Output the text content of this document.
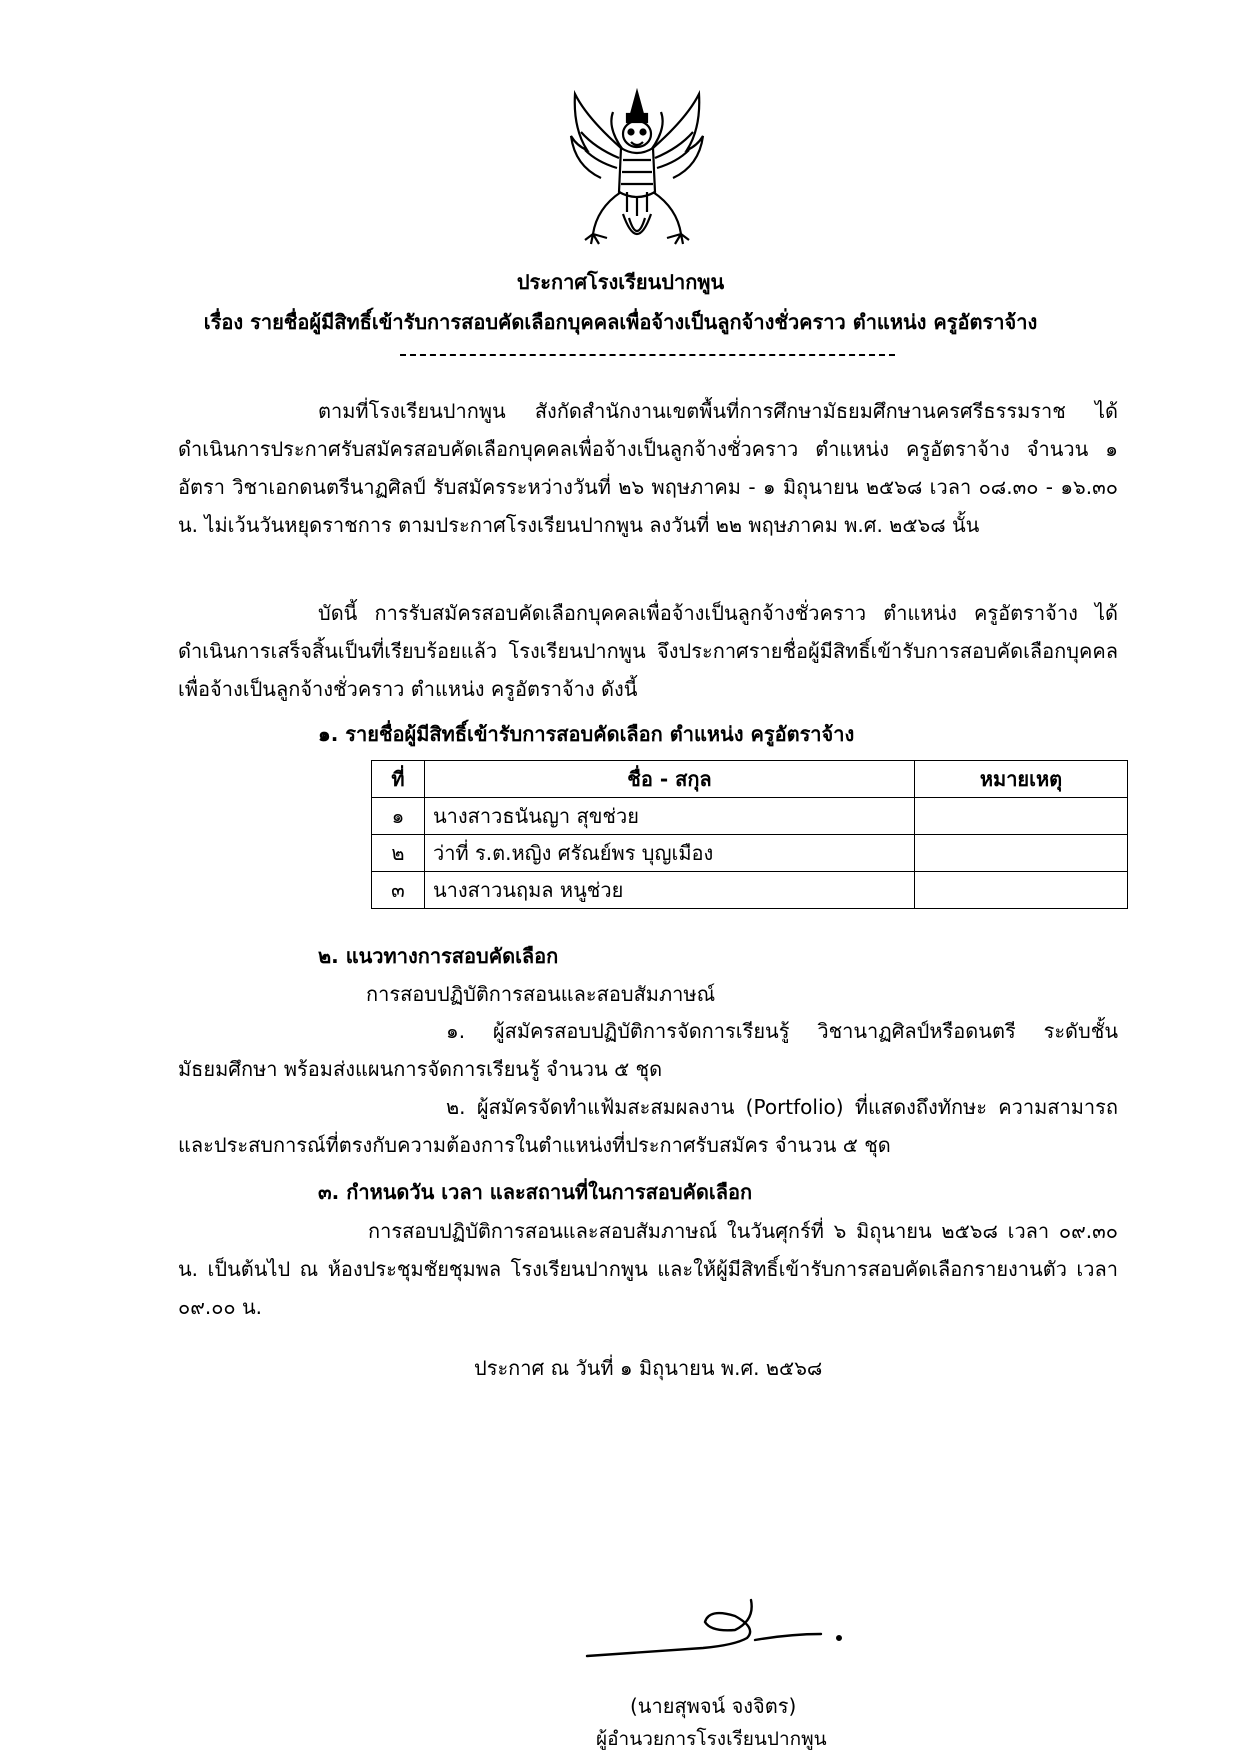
ประกาศโรงเรียนปากพูน
เรื่อง รายชื่อผู้มีสิทธิ์เข้ารับการสอบคัดเลือกบุคคลเพื่อจ้างเป็นลูกจ้างชั่วคราว ตำแหน่ง ครูอัตราจ้าง

ตามที่โรงเรียนปากพูน สังกัดสำนักงานเขตพื้นที่การศึกษามัธยมศึกษานครศรีธรรมราช ได้ดำเนินการประกาศรับสมัครสอบคัดเลือกบุคคลเพื่อจ้างเป็นลูกจ้างชั่วคราว ตำแหน่ง ครูอัตราจ้าง จำนวน ๑ อัตรา วิชาเอกดนตรีนาฏศิลป์ รับสมัครระหว่างวันที่ ๒๖ พฤษภาคม - ๑ มิถุนายน ๒๕๖๘ เวลา ๐๘.๓๐ - ๑๖.๓๐ น. ไม่เว้นวันหยุดราชการ ตามประกาศโรงเรียนปากพูน ลงวันที่ ๒๒ พฤษภาคม พ.ศ. ๒๕๖๘ นั้น

บัดนี้ การรับสมัครสอบคัดเลือกบุคคลเพื่อจ้างเป็นลูกจ้างชั่วคราว ตำแหน่ง ครูอัตราจ้าง ได้ดำเนินการเสร็จสิ้นเป็นที่เรียบร้อยแล้ว โรงเรียนปากพูน จึงประกาศรายชื่อผู้มีสิทธิ์เข้ารับการสอบคัดเลือกบุคคลเพื่อจ้างเป็นลูกจ้างชั่วคราว ตำแหน่ง ครูอัตราจ้าง ดังนี้

๑. รายชื่อผู้มีสิทธิ์เข้ารับการสอบคัดเลือก ตำแหน่ง ครูอัตราจ้าง

ที่	ชื่อ - สกุล	หมายเหตุ
๑	นางสาวธนันญา สุขช่วย	
๒	ว่าที่ ร.ต.หญิง ศรัณย์พร บุญเมือง	
๓	นางสาวนฤมล หนูช่วย	

๒. แนวทางการสอบคัดเลือก

การสอบปฏิบัติการสอนและสอบสัมภาษณ์

๑. ผู้สมัครสอบปฏิบัติการจัดการเรียนรู้ วิชานาฏศิลป์หรือดนตรี ระดับชั้นมัธยมศึกษา พร้อมส่งแผนการจัดการเรียนรู้ จำนวน ๕ ชุด

๒. ผู้สมัครจัดทำแฟ้มสะสมผลงาน (Portfolio) ที่แสดงถึงทักษะ ความสามารถ และประสบการณ์ที่ตรงกับความต้องการในตำแหน่งที่ประกาศรับสมัคร จำนวน ๕ ชุด

๓. กำหนดวัน เวลา และสถานที่ในการสอบคัดเลือก

การสอบปฏิบัติการสอนและสอบสัมภาษณ์ ในวันศุกร์ที่ ๖ มิถุนายน ๒๕๖๘ เวลา ๐๙.๓๐ น. เป็นต้นไป ณ ห้องประชุมชัยชุมพล โรงเรียนปากพูน และให้ผู้มีสิทธิ์เข้ารับการสอบคัดเลือกรายงานตัว เวลา ๐๙.๐๐ น.

ประกาศ ณ วันที่ ๑ มิถุนายน พ.ศ. ๒๕๖๘

(นายสุพจน์ จงจิตร)

ผู้อำนวยการโรงเรียนปากพูน
